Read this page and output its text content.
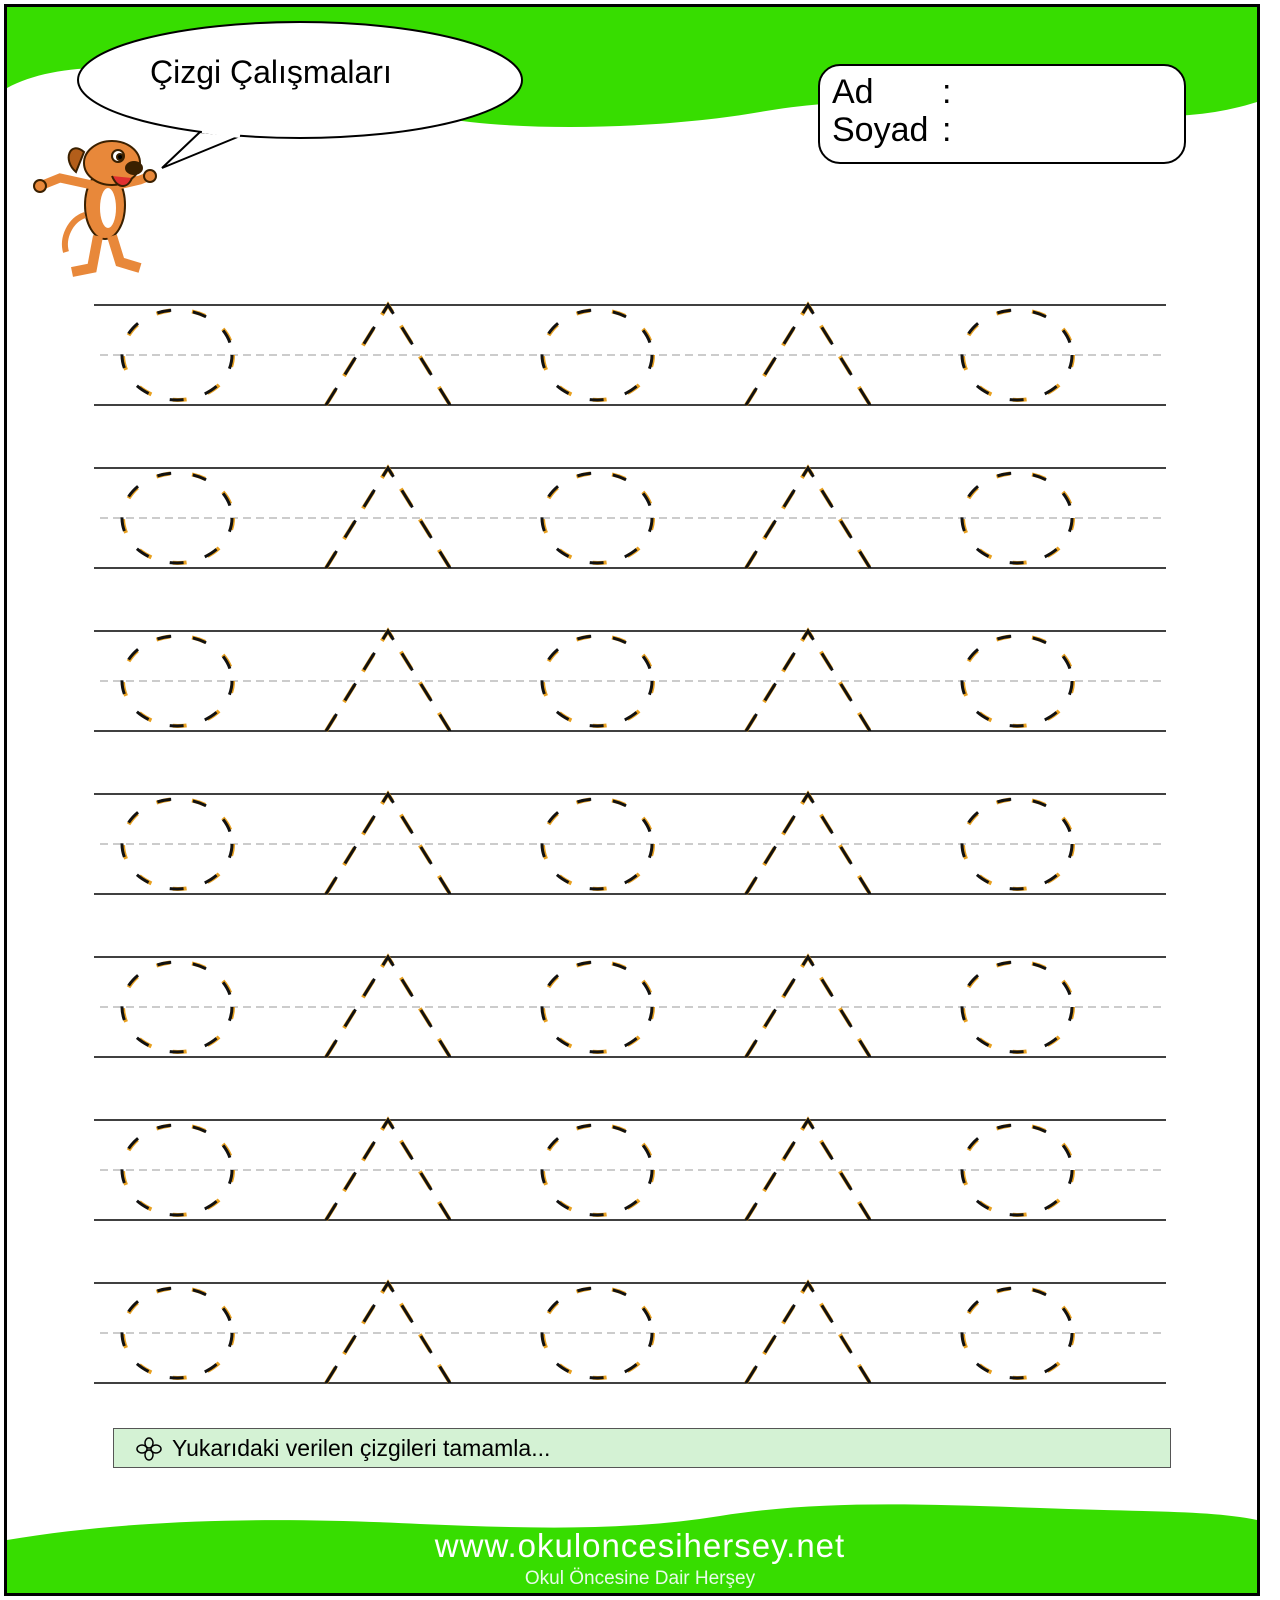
Çizgi Çalışmaları
Ad :
Soyad :
Yukarıdaki verilen çizgileri tamamla...
www.okuloncesihersey.net
Okul Öncesine Dair Herşey
